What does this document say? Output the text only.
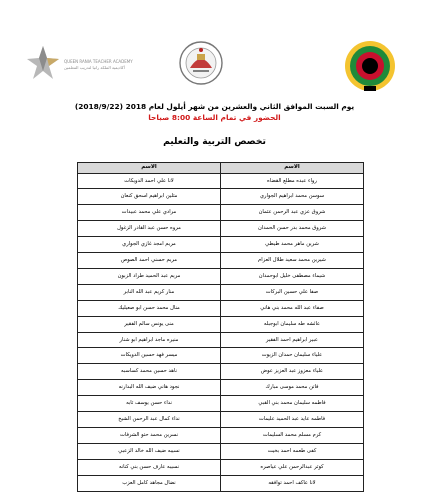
QUEEN RANIA TEACHER ACADEMY
أكاديمية الملكة رانيا لتدريب المعلمين
يوم السبت الموافق الثاني والعشرين من شهر أيلول لعام 2018 (2018/9/22)
الحضور في تمام الساعة 8:00 صباحا
تخصص التربية والتعليم
الاسم	الاسم
رواء عبده مطلع القضاه	لانا علي احمد الدويكات
سوسن محمد ابراهيم الجواري	مثلين ابراهيم اسحق كنعان
شروق عزي عبد الرحمن عثمان	مرادي علي محمد عبيدات
شروق محمد بدر حسن الحمدان	مروه حسن عبد القادر الزغول
شرين ماهر محمد طيطي	مريم امجد غازي الجواري
شيرين محمد سعيد طلال العزام	مريم حسني احمد الصوص
شيماء مصطفى خليل ابوحمدان	مريم عبد الحميد طراد الزبون
صفا علي حسين البركات	منار كريم عبد الله النابر
صفاء عبد الله محمد بني هاني	منال محمد حسن ابو صعيليك
عائشه طه سليمان ابوجبله	منى يونس سالم الفقير
عبير ابراهيم احمد الفقير	منيره ماجد ابراهيم ابو شنار
علياء سليمان حمدان الزيوت	ميسر فهد حسين الدويكات
علياء معزوز عبد العزيز عوض	ناهد حسين محمد كساسبه
فاتن محمد موسى مبارك	نجود هاني ضيف الله البدارنه
فاطمه سليمان محمد بني القبي	نداء حسن يوسف ثابه
فاطمه عايد عبد الحميد عليمات	نداء كمال عبد الرحمن الشيخ
كرم مسلم محمد السليمات	نسرين محمد حتو الشرفات
كفى طعمه احمد بخيت	نسيبه ضيف الله خالد الزعبي
كوثر عبدالرحمن علي عياصره	نسيبه عارف حسن بني كنانه
لانا عاكف احمد توافقه	نضال مجاهد كامل العزب
